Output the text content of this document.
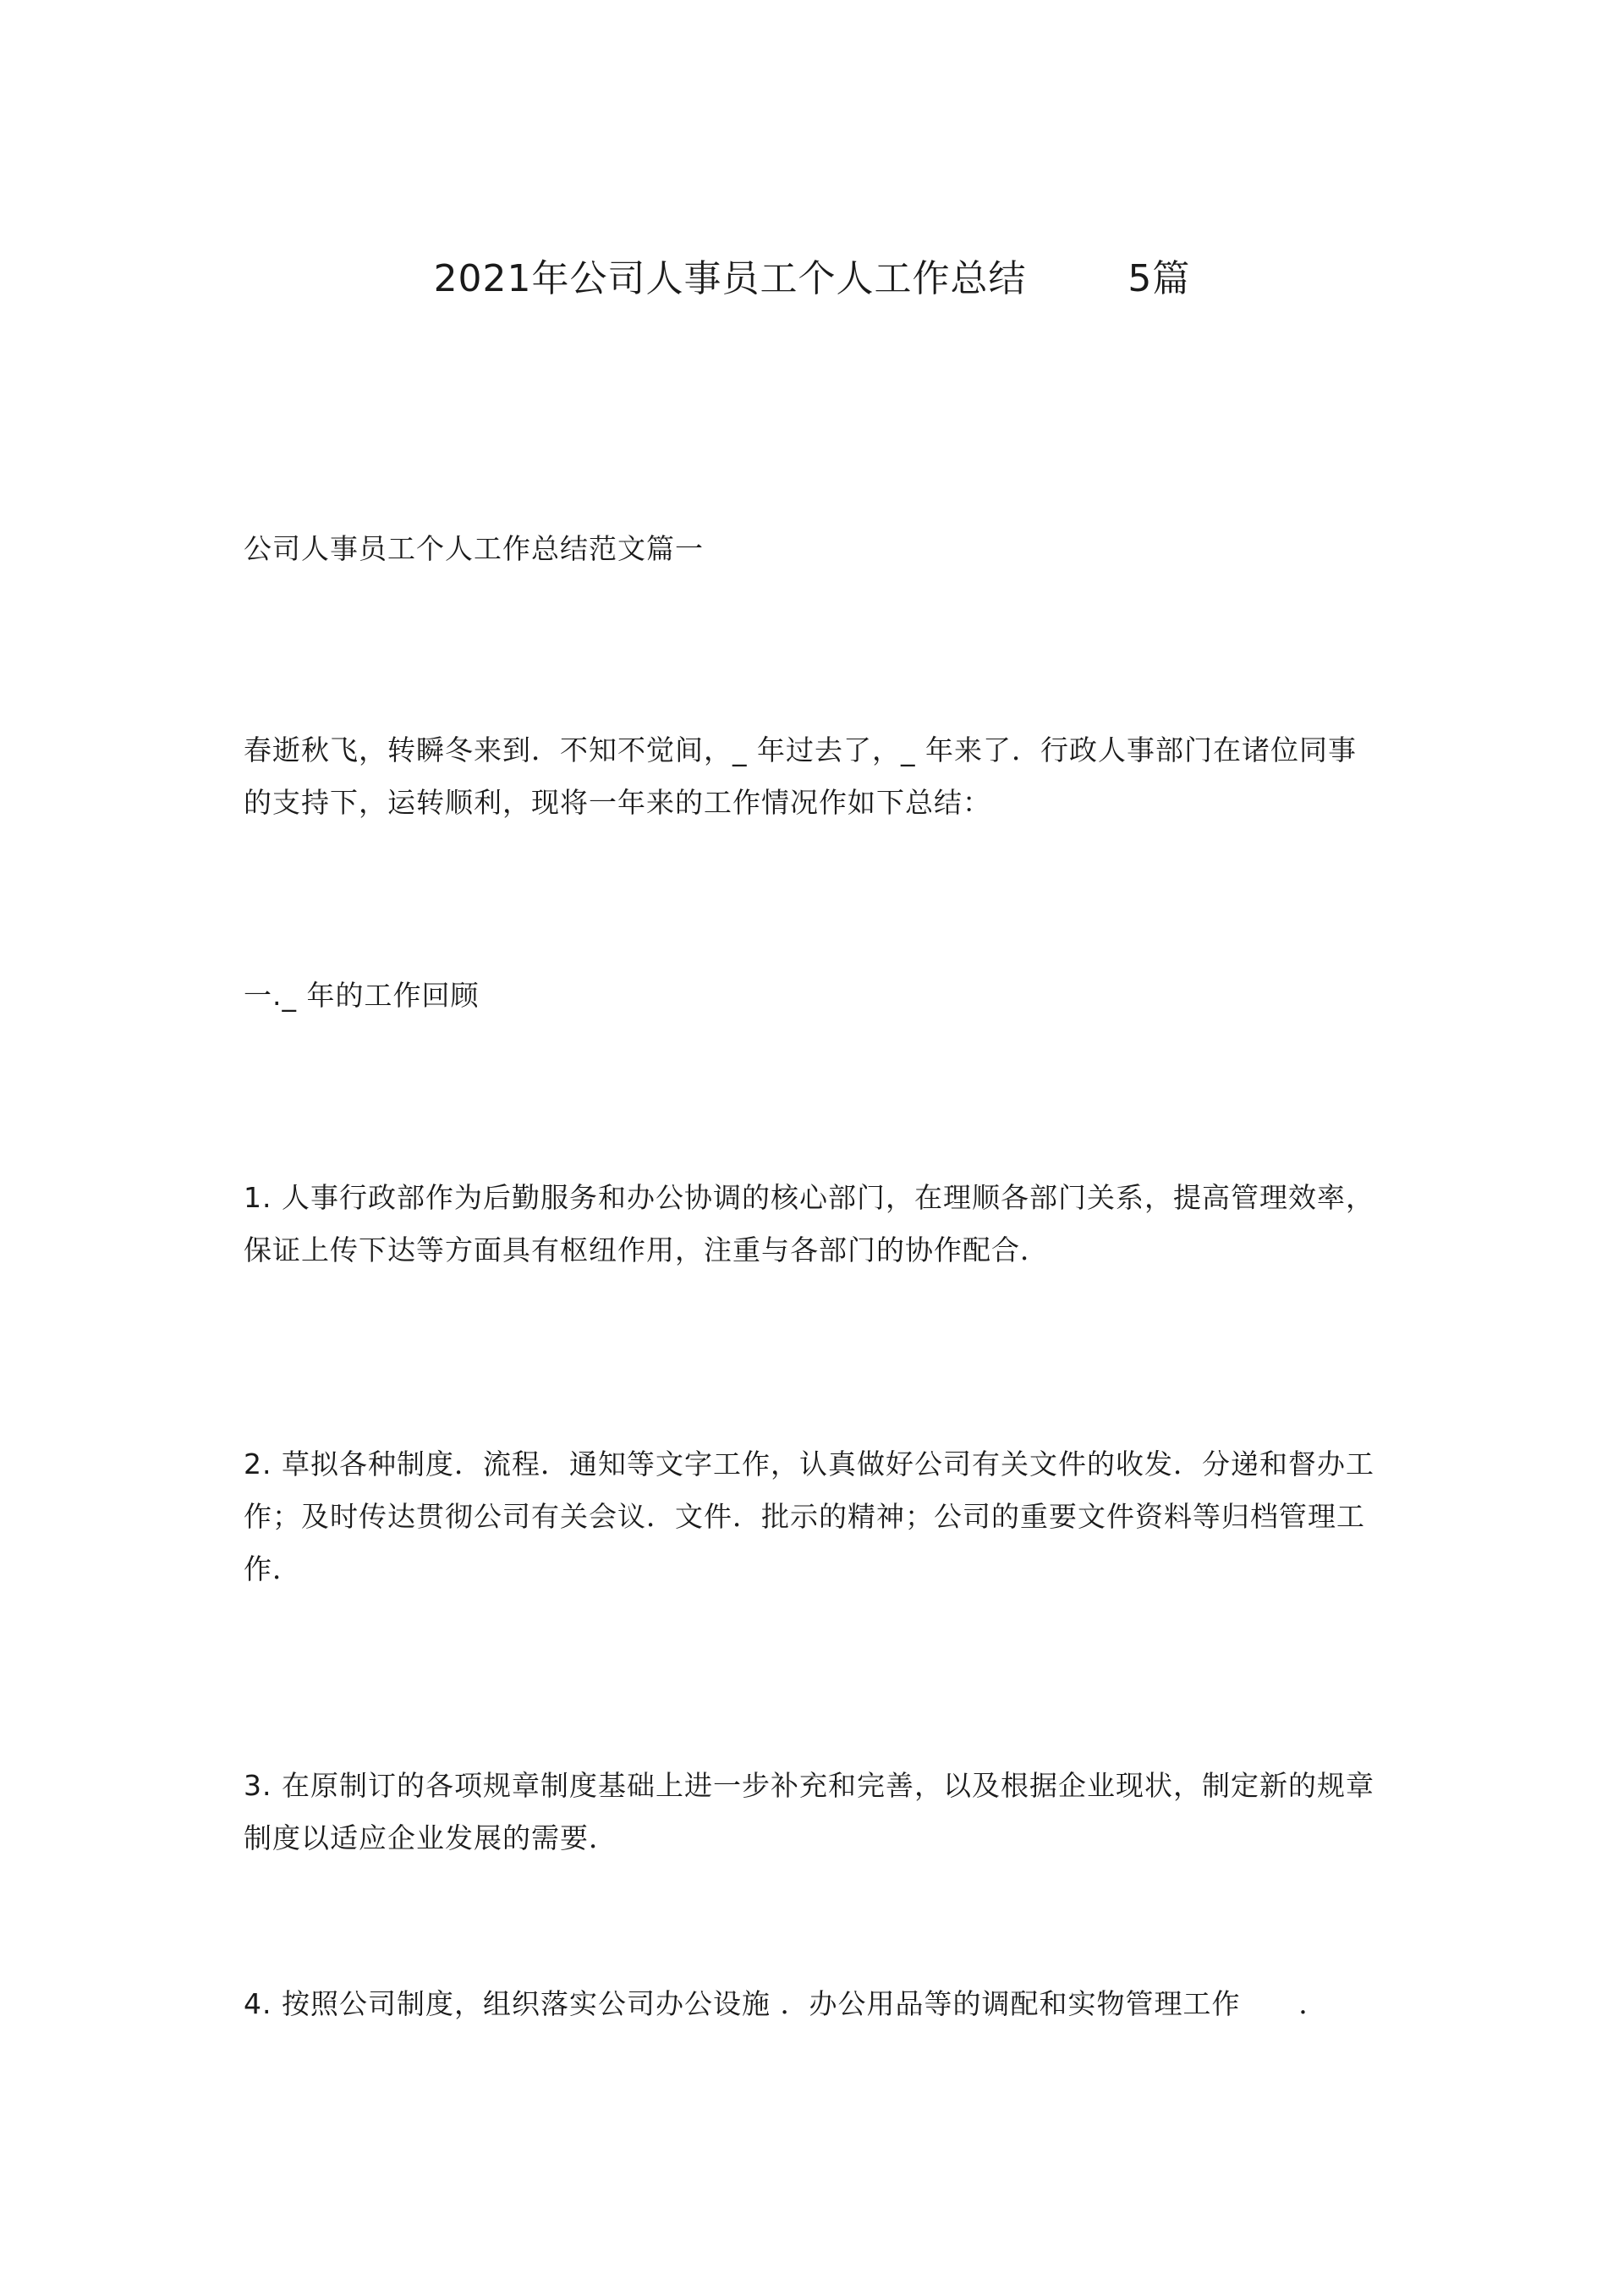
2021年公司人事员工个人工作总结        5篇
公司人事员工个人工作总结范文篇一
春逝秋飞，转瞬冬来到．不知不觉间，_ 年过去了，_ 年来了．行政人事部门在诸位同事的支持下，运转顺利，现将一年来的工作情况作如下总结：
一._ 年的工作回顾
1. 人事行政部作为后勤服务和办公协调的核心部门，在理顺各部门关系，提高管理效率，保证上传下达等方面具有枢纽作用，注重与各部门的协作配合．
2. 草拟各种制度．流程．通知等文字工作，认真做好公司有关文件的收发．分递和督办工作；及时传达贯彻公司有关会议．文件．批示的精神；公司的重要文件资料等归档管理工作．
3. 在原制订的各项规章制度基础上进一步补充和完善，以及根据企业现状，制定新的规章制度以适应企业发展的需要．
4. 按照公司制度，组织落实公司办公设施 ．办公用品等的调配和实物管理工作      ．
